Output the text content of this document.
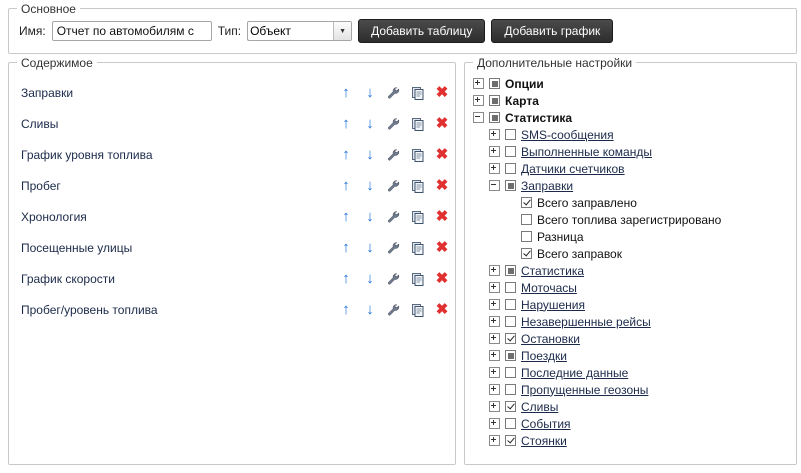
Основное
Имя:
Отчет по автомобилям с	Тип:
Объект	▼	Добавить таблицу	Добавить график
Содержимое
Заправки	↑ ↓	✖
Сливы	↑ ↓	✖
График уровня топлива	↑ ↓	✖
Пробег	↑ ↓	✖
Хронология	↑ ↓	✖
Посещенные улицы	↑ ↓	✖
График скорости	↑ ↓	✖
Пробег/уровень топлива	↑ ↓	✖
Дополнительные настройки
Опции
Карта
Статистика
SMS-сообщения
Выполненные команды
Датчики счетчиков
Заправки
Всего заправлено
Всего топлива зарегистрировано
Разница
Всего заправок
Статистика
Моточасы
Нарушения
Незавершенные рейсы
Остановки
Поездки
Последние данные
Пропущенные геозоны
Сливы
События
Стоянки
